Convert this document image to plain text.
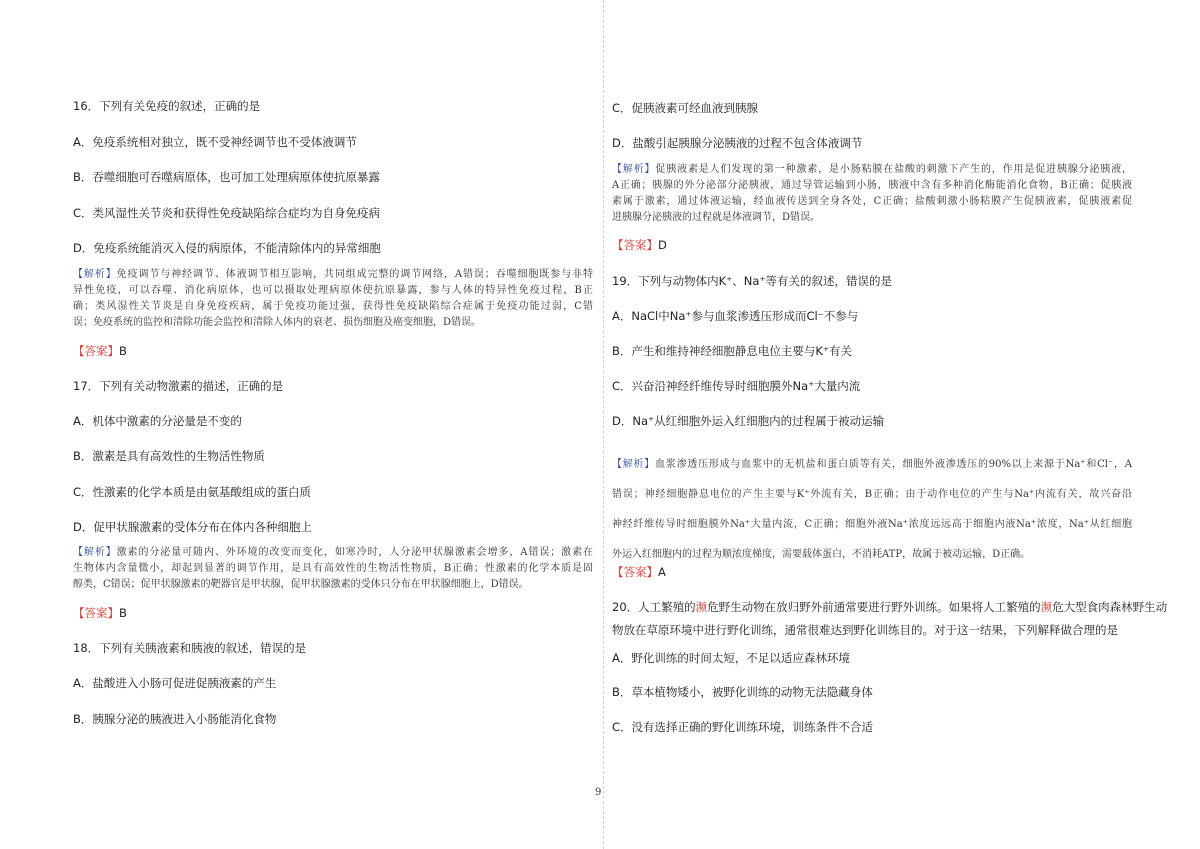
16．下列有关免疫的叙述，正确的是
A．免疫系统相对独立，既不受神经调节也不受体液调节
B．吞噬细胞可吞噬病原体，也可加工处理病原体使抗原暴露
C．类风湿性关节炎和获得性免疫缺陷综合症均为自身免疫病
D．免疫系统能消灭入侵的病原体，不能清除体内的异常细胞
【解析】免疫调节与神经调节、体液调节相互影响，共同组成完整的调节网络，A错误；吞噬细胞既参与非特
异性免疫，可以吞噬、消化病原体，也可以摄取处理病原体使抗原暴露，参与人体的特异性免疫过程，B正
确；类风湿性关节炎是自身免疫疾病，属于免疫功能过强，获得性免疫缺陷综合症属于免疫功能过弱，C错
误；免疫系统的监控和清除功能会监控和清除人体内的衰老、损伤细胞及癌变细胞，D错误。
【答案】B
17．下列有关动物激素的描述，正确的是
A．机体中激素的分泌量是不变的
B．激素是具有高效性的生物活性物质
C．性激素的化学本质是由氨基酸组成的蛋白质
D．促甲状腺激素的受体分布在体内各种细胞上
【解析】激素的分泌量可随内、外环境的改变而变化，如寒冷时，人分泌甲状腺激素会增多，A错误；激素在
生物体内含量微小，却起到显著的调节作用，是具有高效性的生物活性物质，B正确；性激素的化学本质是固
醇类，C错误；促甲状腺激素的靶器官是甲状腺，促甲状腺激素的受体只分布在甲状腺细胞上，D错误。
【答案】B
18．下列有关胰液素和胰液的叙述，错误的是
A．盐酸进入小肠可促进促胰液素的产生
B．胰腺分泌的胰液进入小肠能消化食物
C．促胰液素可经血液到胰腺
D．盐酸引起胰腺分泌胰液的过程不包含体液调节
【解析】促胰液素是人们发现的第一种激素，是小肠粘膜在盐酸的刺激下产生的，作用是促进胰腺分泌胰液，
A正确；胰腺的外分泌部分泌胰液，通过导管运输到小肠，胰液中含有多种消化酶能消化食物，B正确；促胰液
素属于激素，通过体液运输，经血液传送到全身各处，C正确；盐酸刺激小肠粘膜产生促胰液素，促胰液素促
进胰腺分泌胰液的过程就是体液调节，D错误。
【答案】D
19．下列与动物体内K⁺、Na⁺等有关的叙述，错误的是
A．NaCl中Na⁺参与血浆渗透压形成而Cl⁻不参与
B．产生和维持神经细胞静息电位主要与K⁺有关
C．兴奋沿神经纤维传导时细胞膜外Na⁺大量内流
D．Na⁺从红细胞外运入红细胞内的过程属于被动运输
【解析】血浆渗透压形成与血浆中的无机盐和蛋白质等有关，细胞外液渗透压的90%以上来源于Na⁺和Cl⁻，A
错误；神经细胞静息电位的产生主要与K⁺外流有关，B正确；由于动作电位的产生与Na⁺内流有关，故兴奋沿
神经纤维传导时细胞膜外Na⁺大量内流，C正确；细胞外液Na⁺浓度远远高于细胞内液Na⁺浓度，Na⁺从红细胞
外运入红细胞内的过程为顺浓度梯度，需要载体蛋白，不消耗ATP，故属于被动运输，D正确。
【答案】A
20．人工繁殖的濒危野生动物在放归野外前通常要进行野外训练。如果将人工繁殖的濒危大型食肉森林野生动
物放在草原环境中进行野化训练，通常很难达到野化训练目的。对于这一结果，下列解释做合理的是
A．野化训练的时间太短，不足以适应森林环境
B．草本植物矮小，被野化训练的动物无法隐藏身体
C．没有选择正确的野化训练环境，训练条件不合适
9
